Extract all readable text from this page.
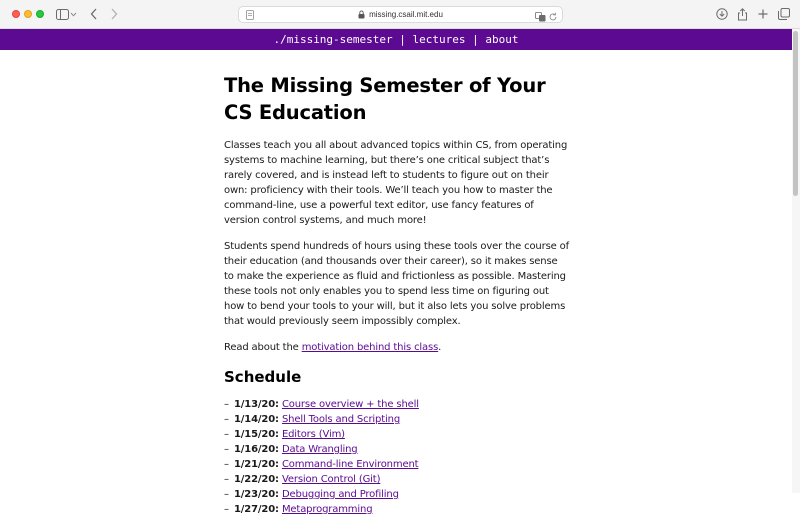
missing.csail.mit.edu
./missing-semester | lectures | about
The Missing Semester of Your CS Education

Classes teach you all about advanced topics within CS, from operating systems to machine learning, but there’s one critical subject that’s rarely covered, and is instead left to students to figure out on their own: proficiency with their tools. We’ll teach you how to master the command-line, use a powerful text editor, use fancy features of version control systems, and much more!

Students spend hundreds of hours using these tools over the course of their education (and thousands over their career), so it makes sense to make the experience as fluid and frictionless as possible. Mastering these tools not only enables you to spend less time on figuring out how to bend your tools to your will, but it also lets you solve problems that would previously seem impossibly complex.

Read about the motivation behind this class.

Schedule
– 1/13/20: Course overview + the shell
– 1/14/20: Shell Tools and Scripting
– 1/15/20: Editors (Vim)
– 1/16/20: Data Wrangling
– 1/21/20: Command-line Environment
– 1/22/20: Version Control (Git)
– 1/23/20: Debugging and Profiling
– 1/27/20: Metaprogramming
